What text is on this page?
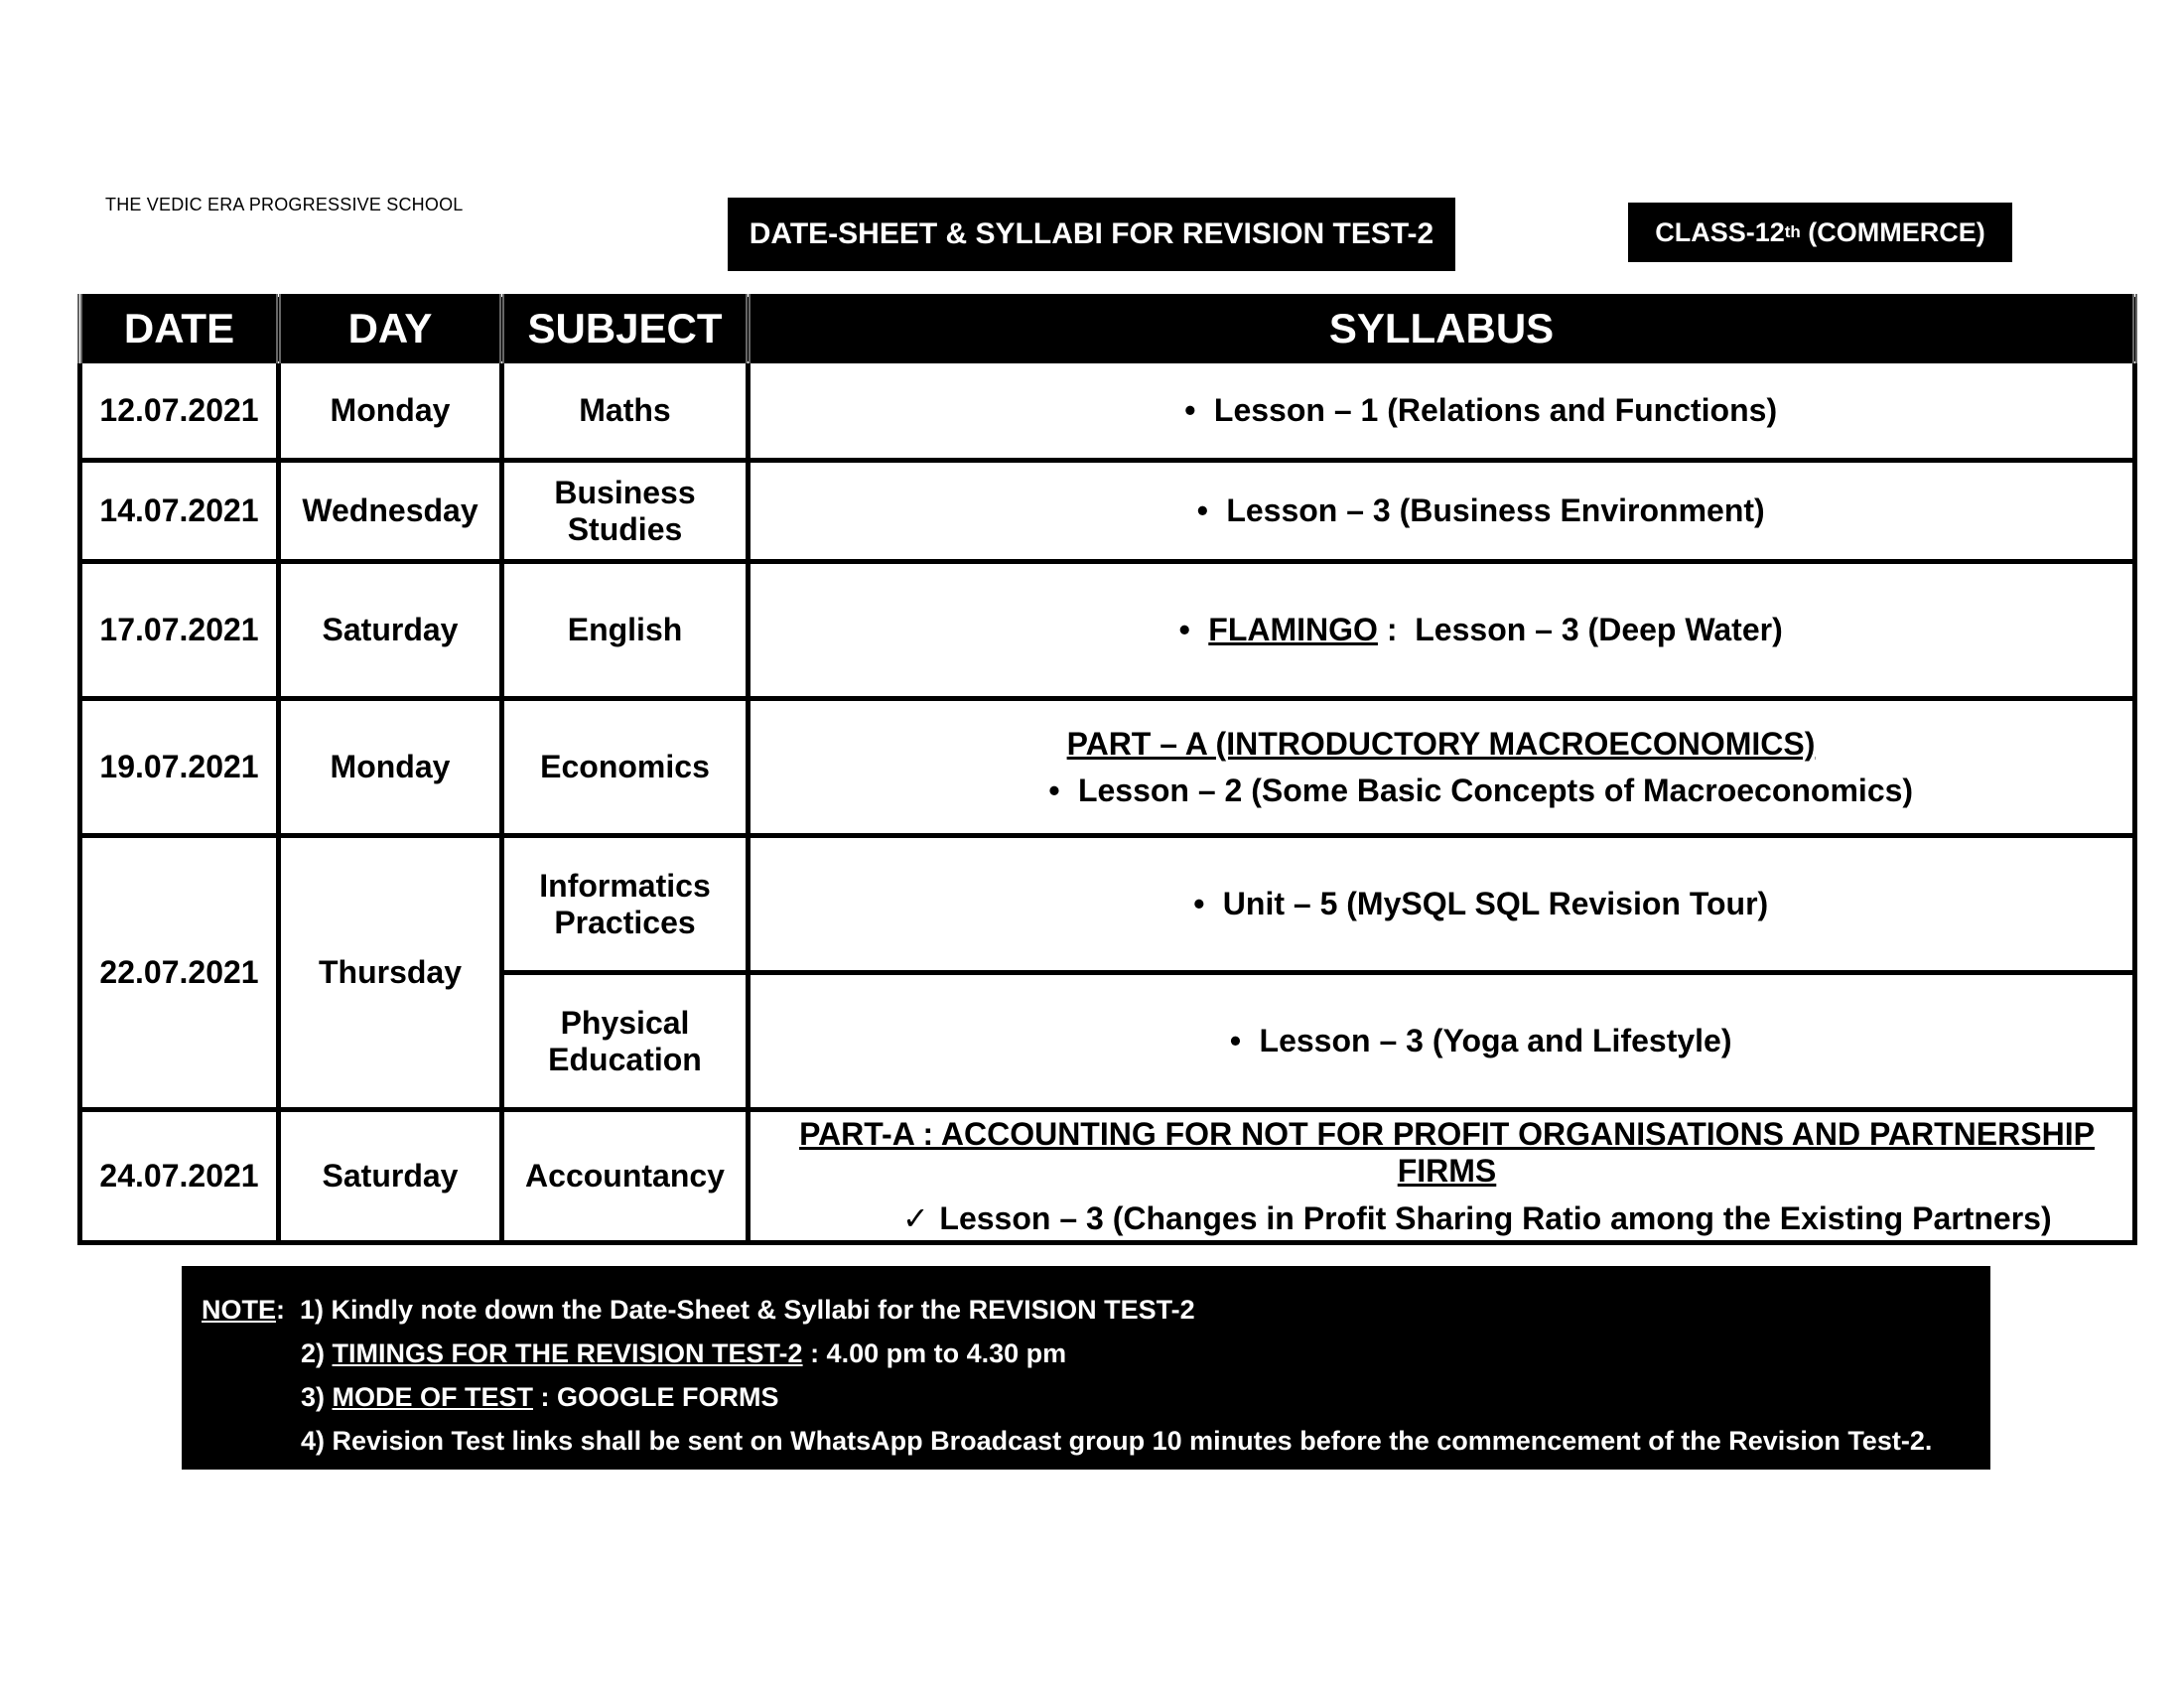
THE VEDIC ERA PROGRESSIVE SCHOOL
DATE-SHEET & SYLLABI FOR REVISION TEST-2	CLASS-12 th (COMMERCE)
DATE	DAY	SUBJECT	SYLLABUS
12.07.2021	Monday	Maths	• Lesson – 1 (Relations and Functions)
14.07.2021	Wednesday	Business Studies	• Lesson – 3 (Business Environment)
17.07.2021	Saturday	English	• FLAMINGO :  Lesson – 3 (Deep Water)
19.07.2021	Monday	Economics	PART – A (INTRODUCTORY MACROECONOMICS)
• Lesson – 2 (Some Basic Concepts of Macroeconomics)

22.07.2021	Thursday	Informatics Practices	• Unit – 5 (MySQL SQL Revision Tour)
		Physical Education	• Lesson – 3 (Yoga and Lifestyle)
24.07.2021	Saturday	Accountancy	PART-A : ACCOUNTING FOR NOT FOR PROFIT ORGANISATIONS AND PARTNERSHIP FIRMS
✓ Lesson – 3 (Changes in Profit Sharing Ratio among the Existing Partners)
NOTE:  1) Kindly note down the Date-Sheet & Syllabi for the REVISION TEST-2
2) TIMINGS FOR THE REVISION TEST-2 : 4.00 pm to 4.30 pm
3) MODE OF TEST : GOOGLE FORMS
4) Revision Test links shall be sent on WhatsApp Broadcast group 10 minutes before the commencement of the Revision Test-2.
